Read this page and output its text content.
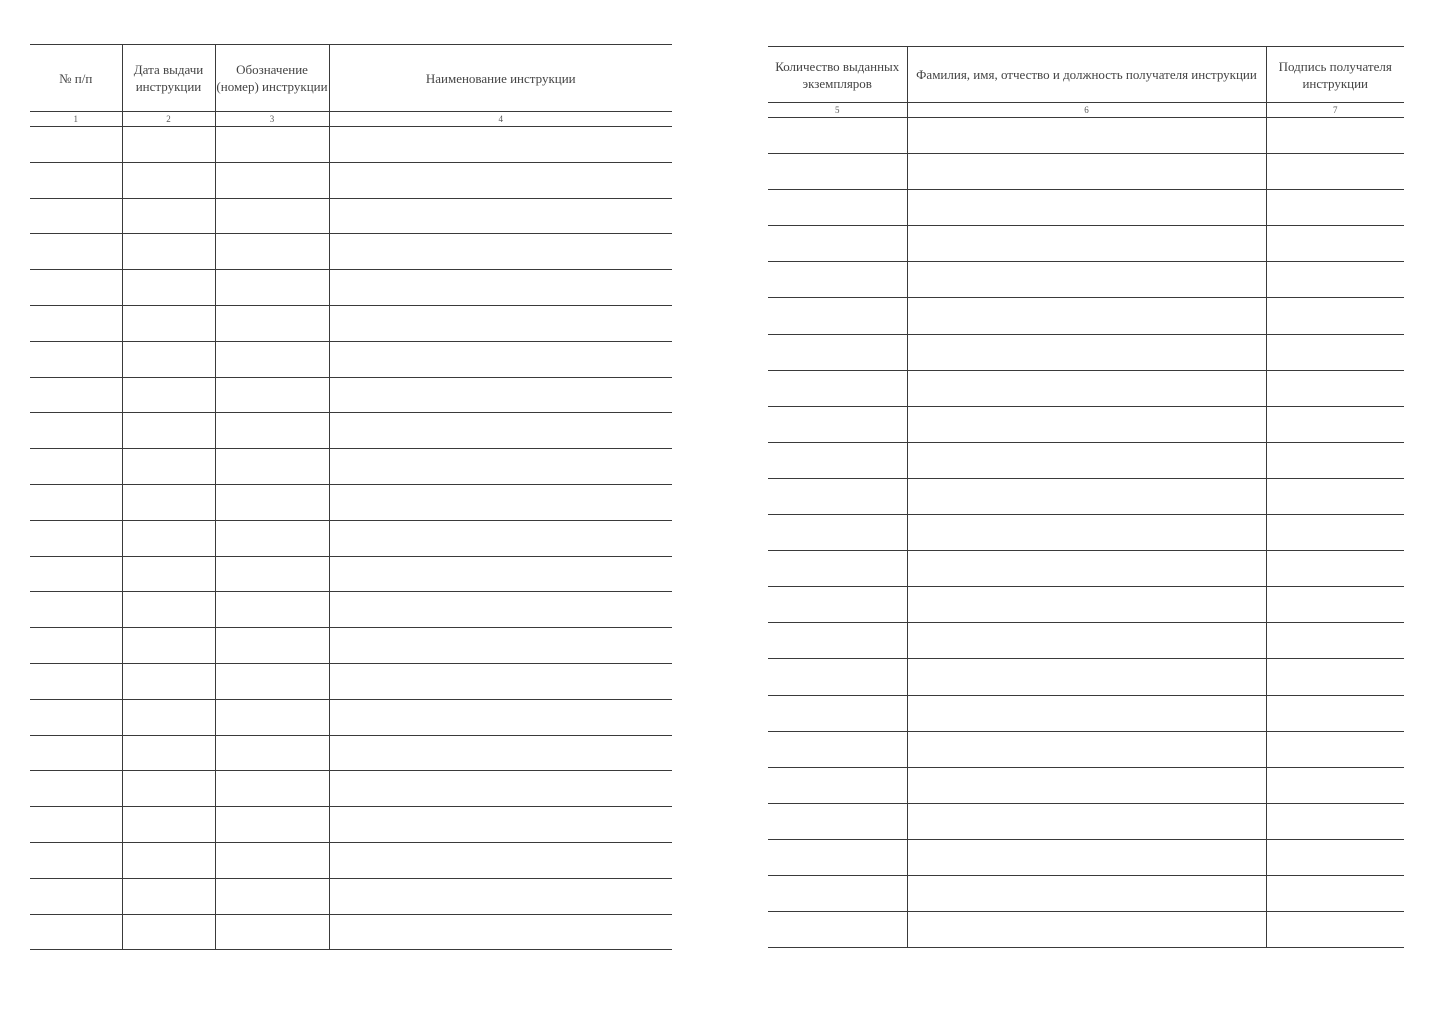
№ п/п	Дата выдачи инструкции	Обозначение (номер) инструкции	Наименование инструкции
1	2	3	4

Количество выданных экземпляров	Фамилия, имя, отчество и должность получателя инструкции	Подпись получателя инструкции
5	6	7
